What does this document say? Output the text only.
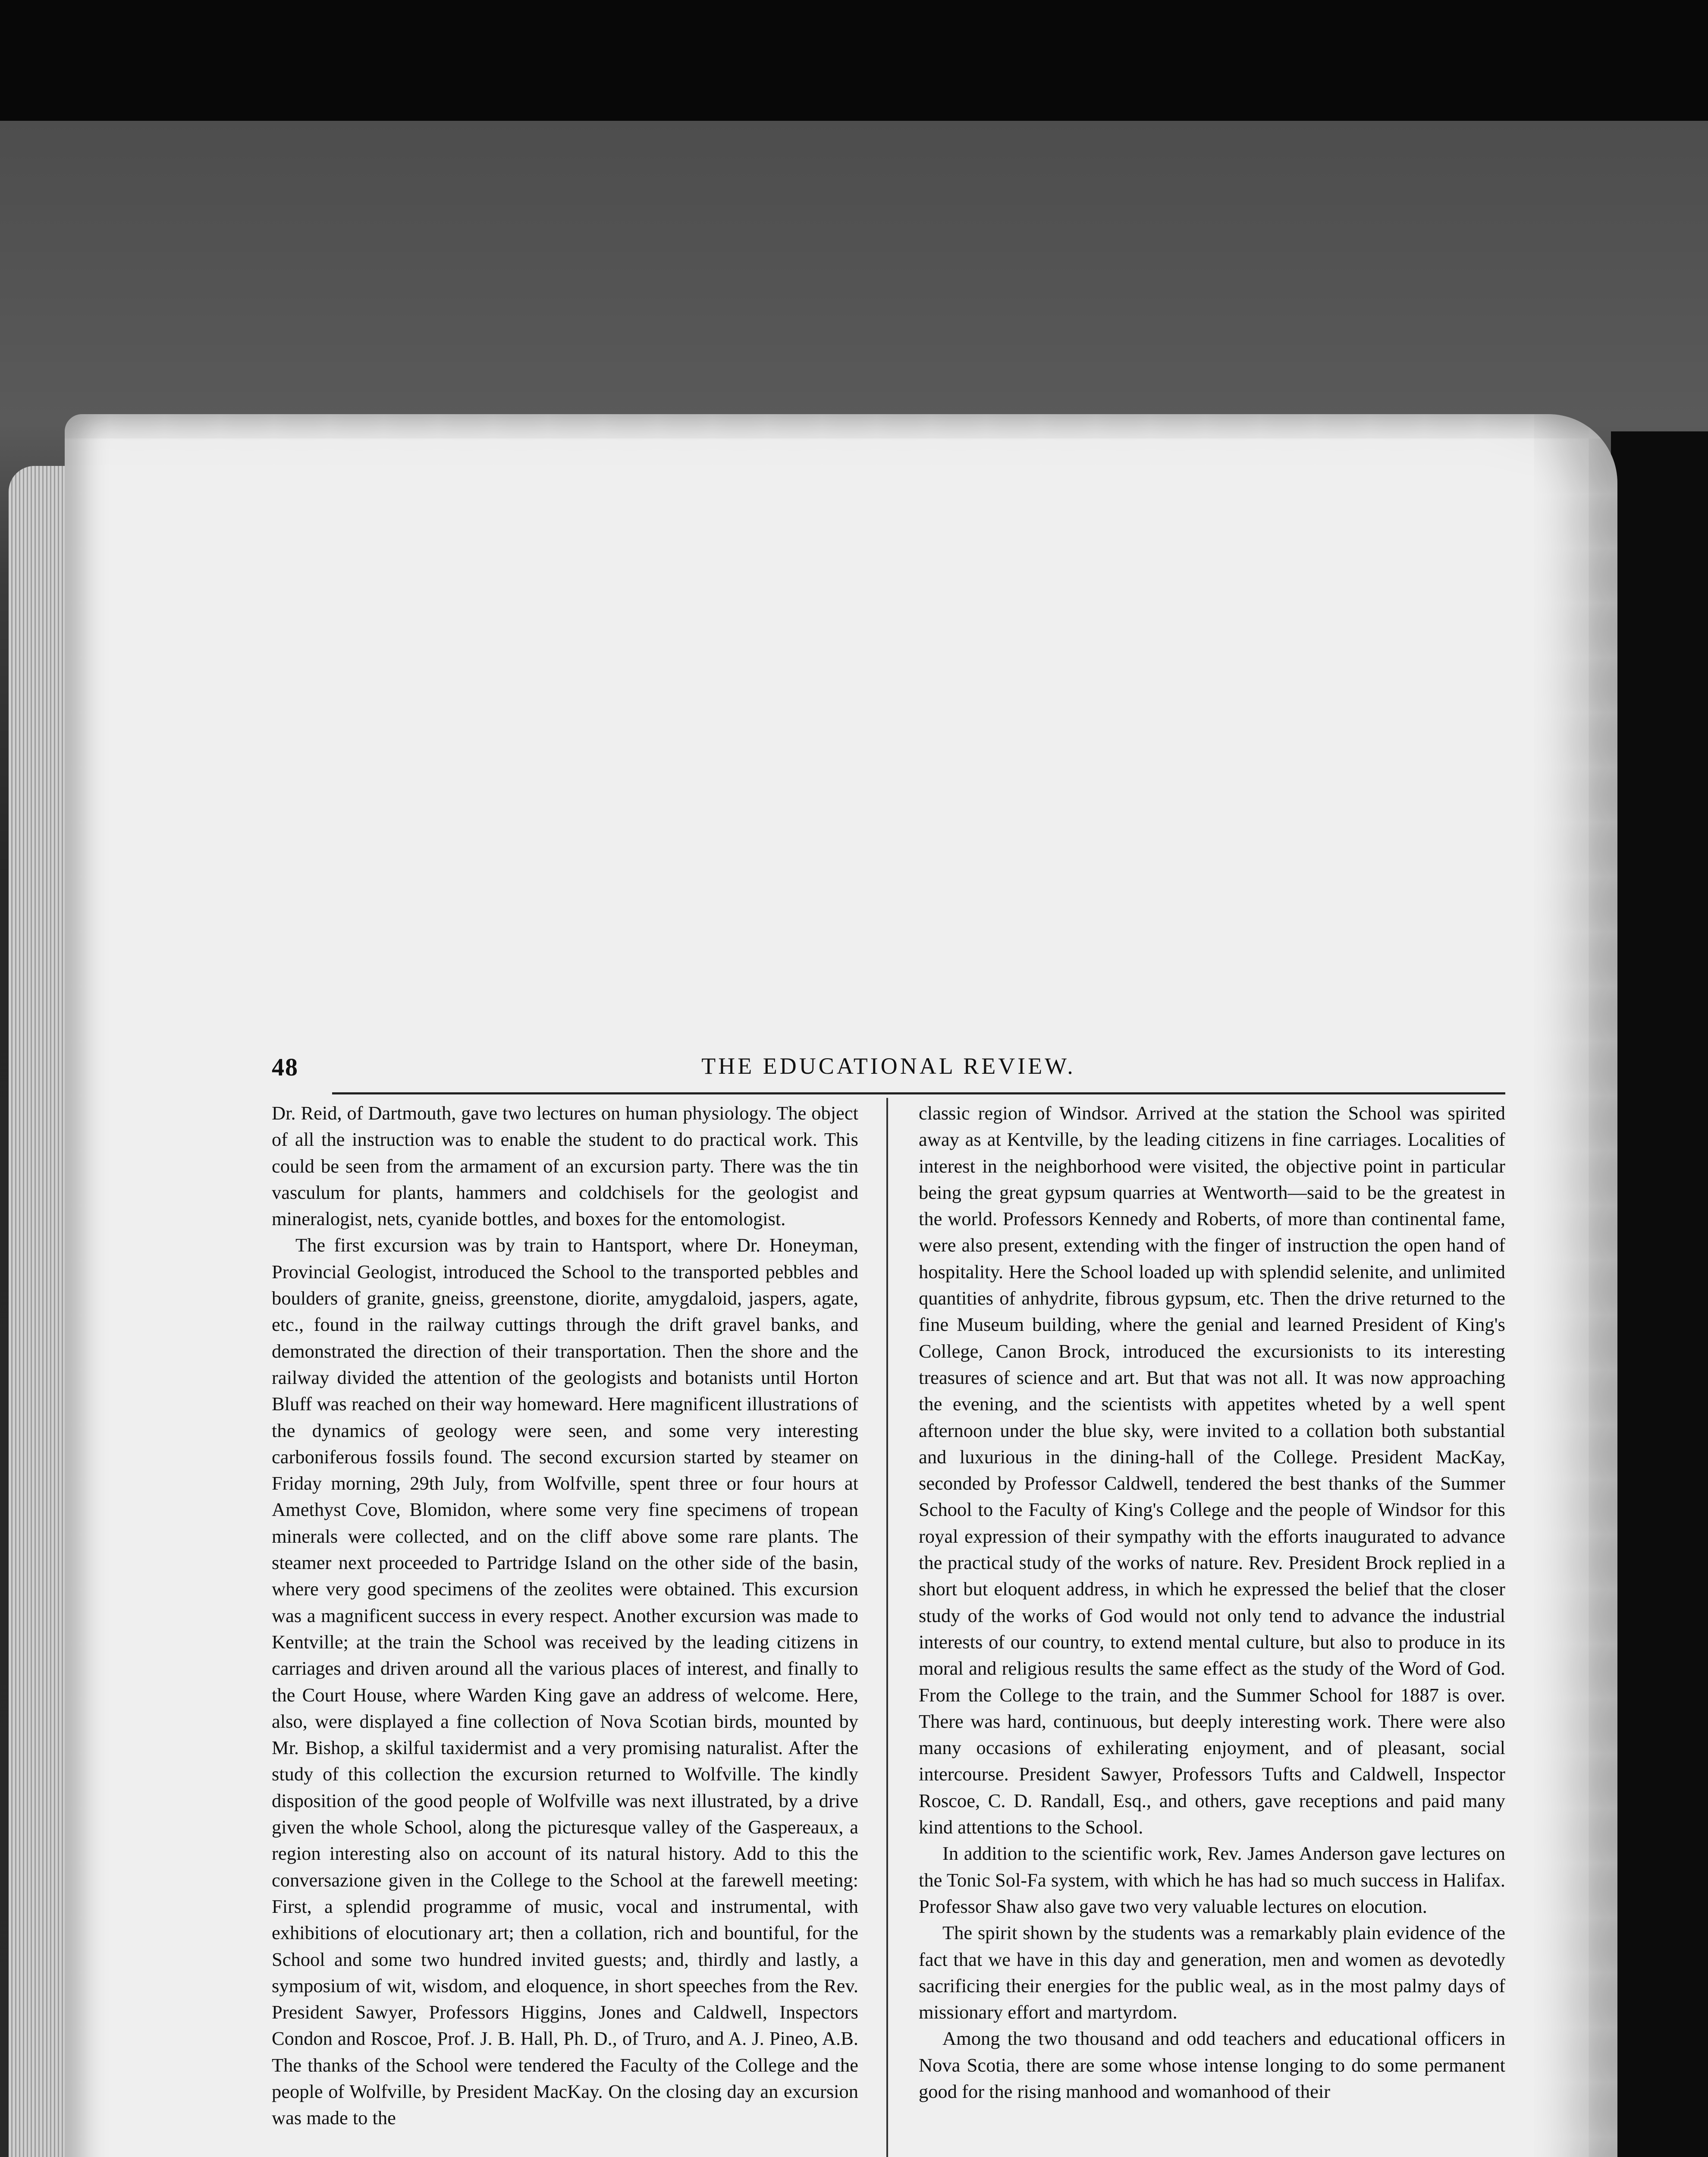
48	THE EDUCATIONAL REVIEW.

Dr. Reid, of Dartmouth, gave two lectures on human physiology. The object of all the instruction was to enable the student to do practical work. This could be seen from the armament of an excursion party. There was the tin vasculum for plants, hammers and coldchisels for the geologist and mineralogist, nets, cyanide bottles, and boxes for the entomologist.

The first excursion was by train to Hantsport, where Dr. Honeyman, Provincial Geologist, introduced the School to the transported pebbles and boulders of granite, gneiss, greenstone, diorite, amygdaloid, jaspers, agate, etc., found in the railway cuttings through the drift gravel banks, and demonstrated the direction of their transportation. Then the shore and the railway divided the attention of the geologists and botanists until Horton Bluff was reached on their way homeward. Here magnificent illustrations of the dynamics of geology were seen, and some very interesting carboniferous fossils found. The second excursion started by steamer on Friday morning, 29th July, from Wolfville, spent three or four hours at Amethyst Cove, Blomidon, where some very fine specimens of tropean minerals were collected, and on the cliff above some rare plants. The steamer next proceeded to Partridge Island on the other side of the basin, where very good specimens of the zeolites were obtained. This excursion was a magnificent success in every respect. Another excursion was made to Kentville; at the train the School was received by the leading citizens in carriages and driven around all the various places of interest, and finally to the Court House, where Warden King gave an address of welcome. Here, also, were displayed a fine collection of Nova Scotian birds, mounted by Mr. Bishop, a skilful taxidermist and a very promising naturalist. After the study of this collection the excursion returned to Wolfville. The kindly disposition of the good people of Wolfville was next illustrated, by a drive given the whole School, along the picturesque valley of the Gaspereaux, a region interesting also on account of its natural history. Add to this the conversazione given in the College to the School at the farewell meeting: First, a splendid programme of music, vocal and instrumental, with exhibitions of elocutionary art; then a collation, rich and bountiful, for the School and some two hundred invited guests; and, thirdly and lastly, a symposium of wit, wisdom, and eloquence, in short speeches from the Rev. President Sawyer, Professors Higgins, Jones and Caldwell, Inspectors Condon and Roscoe, Prof. J. B. Hall, Ph. D., of Truro, and A. J. Pineo, A.B. The thanks of the School were tendered the Faculty of the College and the people of Wolfville, by President MacKay. On the closing day an excursion was made to the

classic region of Windsor. Arrived at the station the School was spirited away as at Kentville, by the leading citizens in fine carriages. Localities of interest in the neighborhood were visited, the objective point in particular being the great gypsum quarries at Wentworth—said to be the greatest in the world. Professors Kennedy and Roberts, of more than continental fame, were also present, extending with the finger of instruction the open hand of hospitality. Here the School loaded up with splendid selenite, and unlimited quantities of anhydrite, fibrous gypsum, etc. Then the drive returned to the fine Museum building, where the genial and learned President of King's College, Canon Brock, introduced the excursionists to its interesting treasures of science and art. But that was not all. It was now approaching the evening, and the scientists with appetites wheted by a well spent afternoon under the blue sky, were invited to a collation both substantial and luxurious in the dining-hall of the College. President MacKay, seconded by Professor Caldwell, tendered the best thanks of the Summer School to the Faculty of King's College and the people of Windsor for this royal expression of their sympathy with the efforts inaugurated to advance the practical study of the works of nature. Rev. President Brock replied in a short but eloquent address, in which he expressed the belief that the closer study of the works of God would not only tend to advance the industrial interests of our country, to extend mental culture, but also to produce in its moral and religious results the same effect as the study of the Word of God. From the College to the train, and the Summer School for 1887 is over. There was hard, continuous, but deeply interesting work. There were also many occasions of exhilerating enjoyment, and of pleasant, social intercourse. President Sawyer, Professors Tufts and Caldwell, Inspector Roscoe, C. D. Randall, Esq., and others, gave receptions and paid many kind attentions to the School.

In addition to the scientific work, Rev. James Anderson gave lectures on the Tonic Sol-Fa system, with which he has had so much success in Halifax. Professor Shaw also gave two very valuable lectures on elocution.

The spirit shown by the students was a remarkably plain evidence of the fact that we have in this day and generation, men and women as devotedly sacrificing their energies for the public weal, as in the most palmy days of missionary effort and martyrdom.

Among the two thousand and odd teachers and educational officers in Nova Scotia, there are some whose intense longing to do some permanent good for the rising manhood and womanhood of their
